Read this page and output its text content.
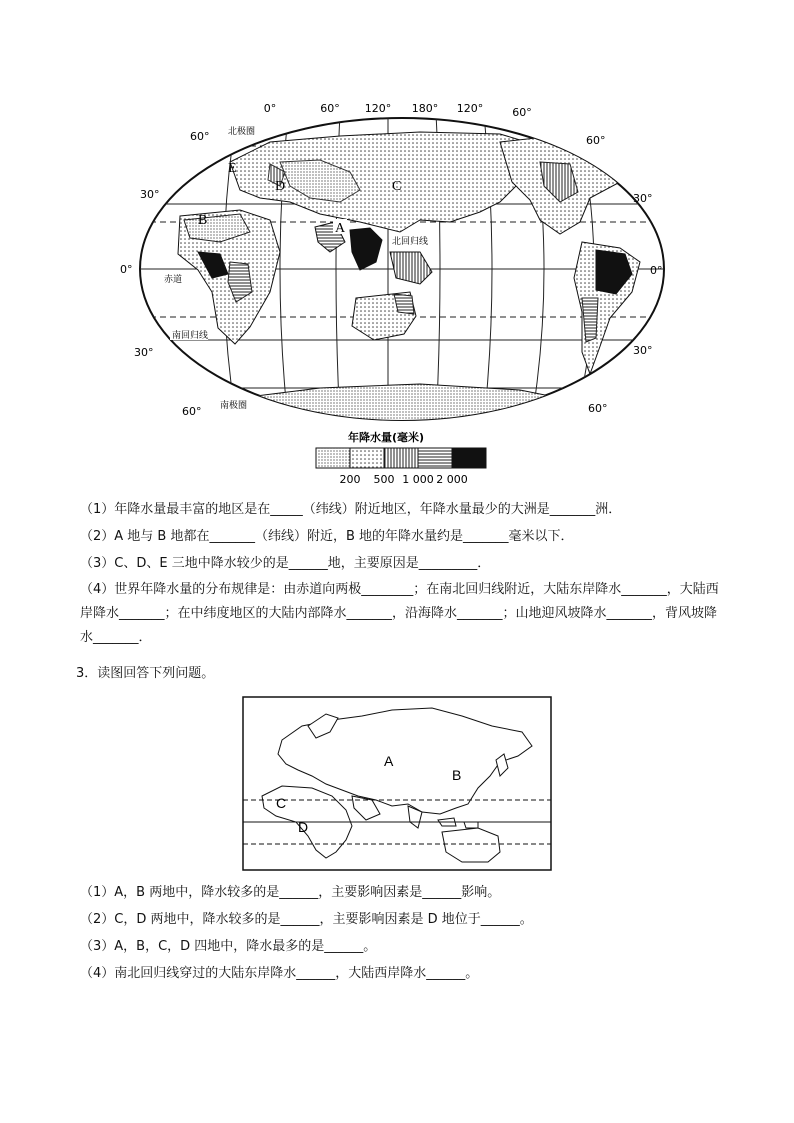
0°	60° 120° 180° 120°	60°
60°
30°
0°
30°
60°
60°
30°
0°
30°
60°
北极圈
北回归线
赤道
南回归线
南极圈
A
B
C
D
E
年降水量(毫米)
200 500 1 000 2 000
（1）年降水量最丰富的地区是在_____（纬线）附近地区，年降水量最少的大洲是_______洲．
（2）A 地与 B 地都在_______（纬线）附近，B 地的年降水量约是_______毫米以下．
（3）C、D、E 三地中降水较少的是______地，主要原因是_________．
（4）世界年降水量的分布规律是：由赤道向两极________；在南北回归线附近，大陆东岸降水_______，大陆西岸降水_______；在中纬度地区的大陆内部降水_______，沿海降水_______；山地迎风坡降水_______，背风坡降水_______．
3．读图回答下列问题。
A
B
C
D
（1）A，B 两地中，降水较多的是______，主要影响因素是______影响。
（2）C，D 两地中，降水较多的是______，主要影响因素是 D 地位于______。
（3）A，B，C，D 四地中，降水最多的是______。
（4）南北回归线穿过的大陆东岸降水______，大陆西岸降水______。
